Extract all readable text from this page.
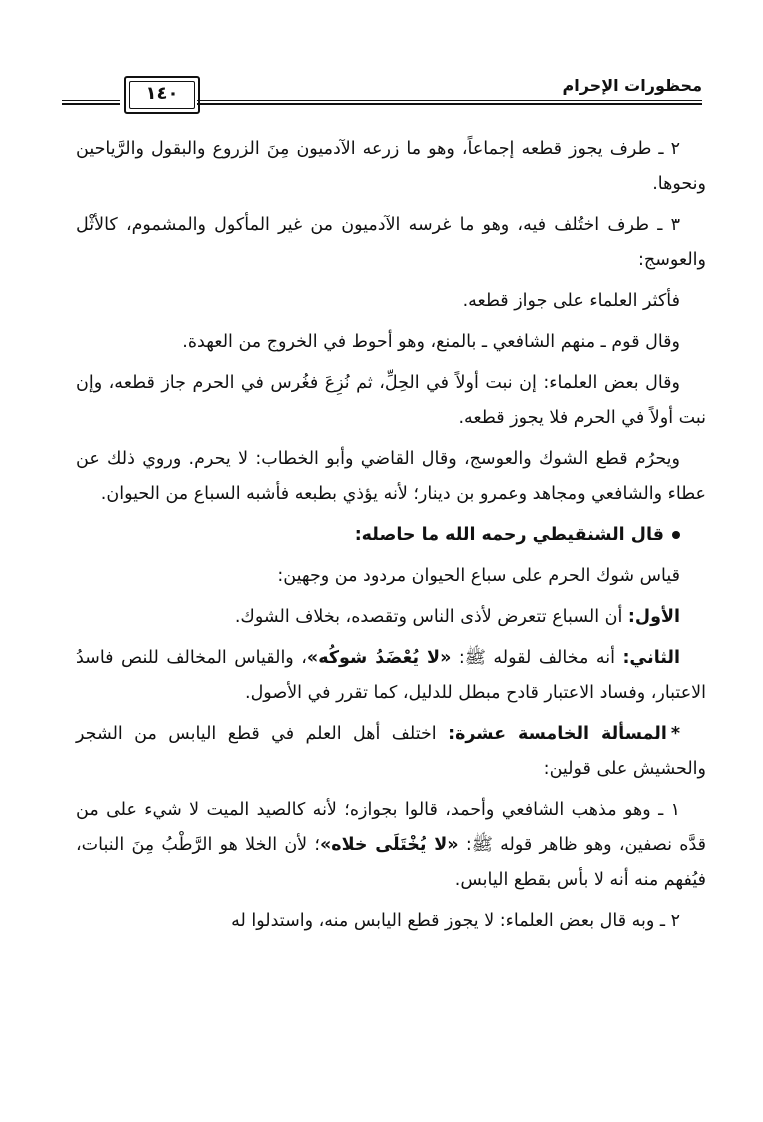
محظورات الإحرام
١٤٠

٢ ـ طرف يجوز قطعه إجماعاً، وهو ما زرعه الآدميون مِنَ الزروع والبقول والرَّياحين ونحوها.

٣ ـ طرف اختُلف فيه، وهو ما غرسه الآدميون من غير المأكول والمشموم، كالأثْل والعوسج:

فأكثر العلماء على جواز قطعه.

وقال قوم ـ منهم الشافعي ـ بالمنع، وهو أحوط في الخروج من العهدة.

وقال بعض العلماء: إن نبت أولاً في الحِلِّ، ثم نُزِعَ فغُرس في الحرم جاز قطعه، وإن نبت أولاً في الحرم فلا يجوز قطعه.

ويحرُم قطع الشوك والعوسج، وقال القاضي وأبو الخطاب: لا يحرم. وروي ذلك عن عطاء والشافعي ومجاهد وعمرو بن دينار؛ لأنه يؤذي بطبعه فأشبه السباع من الحيوان.

قال الشنقيطي رحمه الله ما حاصله:

قياس شوك الحرم على سباع الحيوان مردود من وجهين:

الأول: أن السباع تتعرض لأذى الناس وتقصده، بخلاف الشوك.

الثاني: أنه مخالف لقوله ﷺ: «لا يُعْضَدُ شوكُه»، والقياس المخالف للنص فاسدُ الاعتبار، وفساد الاعتبار قادح مبطل للدليل، كما تقرر في الأصول.

*المسألة الخامسة عشرة: اختلف أهل العلم في قطع اليابس من الشجر والحشيش على قولين:

١ ـ وهو مذهب الشافعي وأحمد، قالوا بجوازه؛ لأنه كالصيد الميت لا شيء على من قدَّه نصفين، وهو ظاهر قوله ﷺ: «لا يُخْتَلَى خلاه»؛ لأن الخلا هو الرَّطْبُ مِنَ النبات، فيُفهم منه أنه لا بأس بقطع اليابس.

٢ ـ وبه قال بعض العلماء: لا يجوز قطع اليابس منه، واستدلوا له
